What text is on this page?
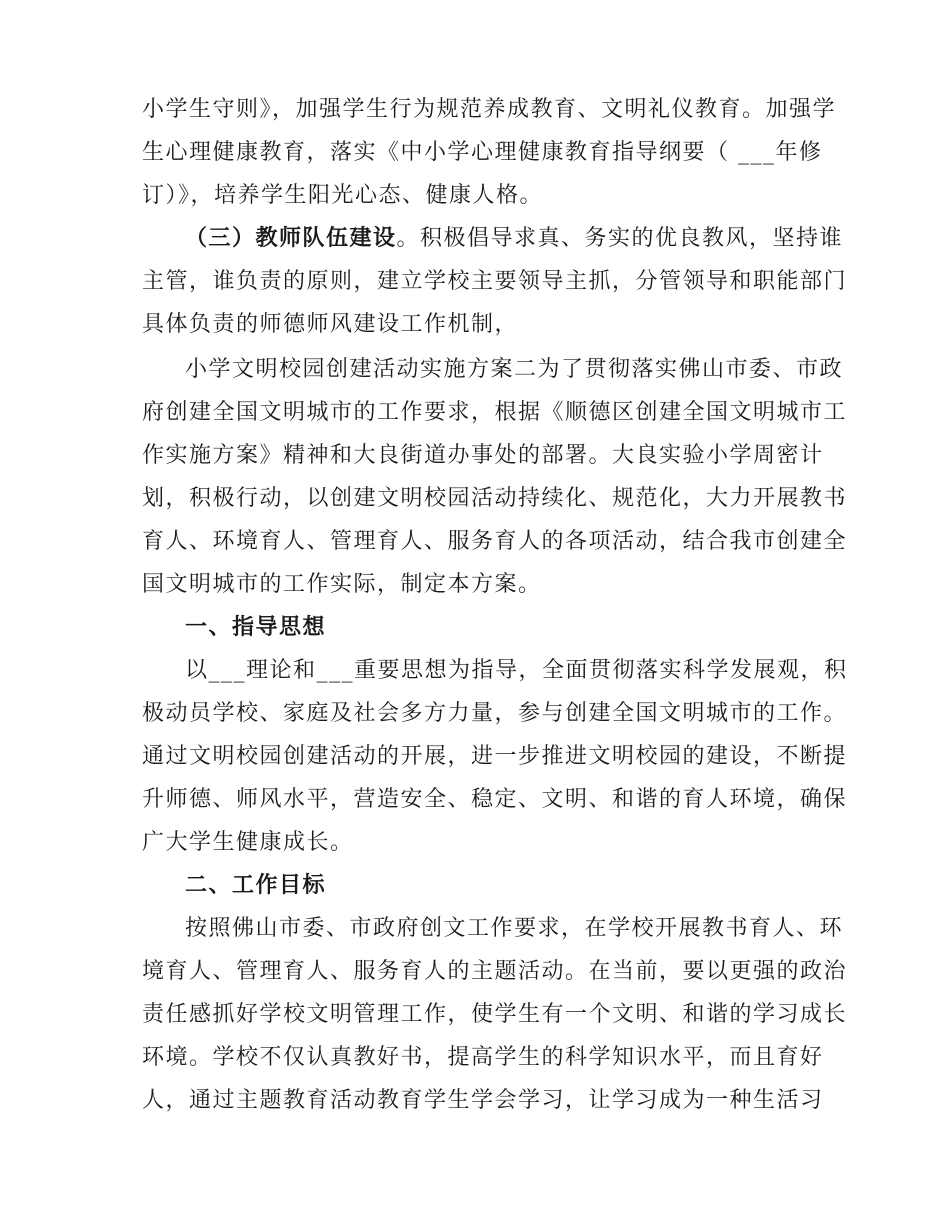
小学生守则》，加强学生行为规范养成教育、文明礼仪教育。加强学
生心理健康教育，落实《中小学心理健康教育指导纲要（ ___年修
订）》，培养学生阳光心态、健康人格。
（三）教师队伍建设。积极倡导求真、务实的优良教风，坚持谁
主管，谁负责的原则，建立学校主要领导主抓，分管领导和职能部门
具体负责的师德师风建设工作机制，
小学文明校园创建活动实施方案二为了贯彻落实佛山市委、市政
府创建全国文明城市的工作要求，根据《顺德区创建全国文明城市工
作实施方案》精神和大良街道办事处的部署。大良实验小学周密计
划，积极行动，以创建文明校园活动持续化、规范化，大力开展教书
育人、环境育人、管理育人、服务育人的各项活动，结合我市创建全
国文明城市的工作实际，制定本方案。
一、指导思想
以___理论和___重要思想为指导，全面贯彻落实科学发展观，积
极动员学校、家庭及社会多方力量，参与创建全国文明城市的工作。
通过文明校园创建活动的开展，进一步推进文明校园的建设，不断提
升师德、师风水平，营造安全、稳定、文明、和谐的育人环境，确保
广大学生健康成长。
二、工作目标
按照佛山市委、市政府创文工作要求，在学校开展教书育人、环
境育人、管理育人、服务育人的主题活动。在当前，要以更强的政治
责任感抓好学校文明管理工作，使学生有一个文明、和谐的学习成长
环境。学校不仅认真教好书，提高学生的科学知识水平，而且育好
人，通过主题教育活动教育学生学会学习，让学习成为一种生活习
